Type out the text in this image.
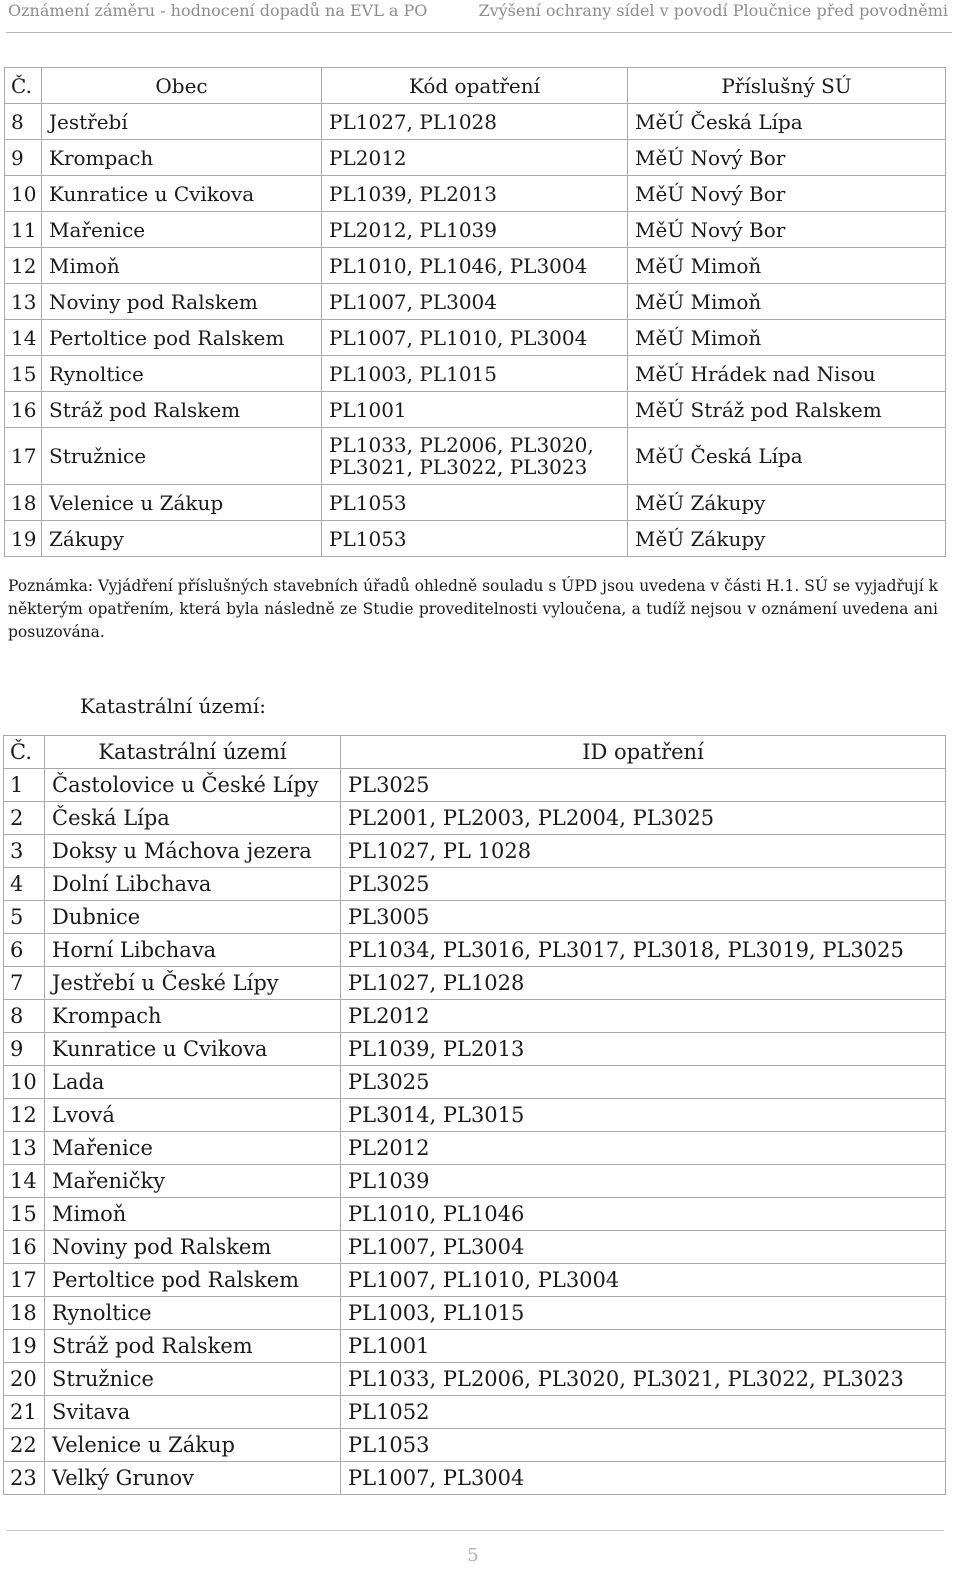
Oznámení záměru - hodnocení dopadů na EVL a PO	Zvýšení ochrany sídel v povodí Ploučnice před povodněmi
Č.	Obec	Kód opatření	Příslušný SÚ
8	Jestřebí	PL1027, PL1028	MěÚ Česká Lípa
9	Krompach	PL2012	MěÚ Nový Bor
10	Kunratice u Cvikova	PL1039, PL2013	MěÚ Nový Bor
11	Mařenice	PL2012, PL1039	MěÚ Nový Bor
12	Mimoň	PL1010, PL1046, PL3004	MěÚ Mimoň
13	Noviny pod Ralskem	PL1007, PL3004	MěÚ Mimoň
14	Pertoltice pod Ralskem	PL1007, PL1010, PL3004	MěÚ Mimoň
15	Rynoltice	PL1003, PL1015	MěÚ Hrádek nad Nisou
16	Stráž pod Ralskem	PL1001	MěÚ Stráž pod Ralskem
17	Stružnice	PL1033, PL2006, PL3020,
PL3021, PL3022, PL3023	MěÚ Česká Lípa
18	Velenice u Zákup	PL1053	MěÚ Zákupy
19	Zákupy	PL1053	MěÚ Zákupy
Poznámka: Vyjádření příslušných stavebních úřadů ohledně souladu s ÚPD jsou uvedena v části H.1. SÚ se vyjadřují k některým opatřením, která byla následně ze Studie proveditelnosti vyloučena, a tudíž nejsou v oznámení uvedena ani posuzována.
Katastrální území:
Č.	Katastrální území	ID opatření
1	Častolovice u České Lípy	PL3025
2	Česká Lípa	PL2001, PL2003, PL2004, PL3025
3	Doksy u Máchova jezera	PL1027, PL 1028
4	Dolní Libchava	PL3025
5	Dubnice	PL3005
6	Horní Libchava	PL1034, PL3016, PL3017, PL3018, PL3019, PL3025
7	Jestřebí u České Lípy	PL1027, PL1028
8	Krompach	PL2012
9	Kunratice u Cvikova	PL1039, PL2013
10	Lada	PL3025
12	Lvová	PL3014, PL3015
13	Mařenice	PL2012
14	Mařeničky	PL1039
15	Mimoň	PL1010, PL1046
16	Noviny pod Ralskem	PL1007, PL3004
17	Pertoltice pod Ralskem	PL1007, PL1010, PL3004
18	Rynoltice	PL1003, PL1015
19	Stráž pod Ralskem	PL1001
20	Stružnice	PL1033, PL2006, PL3020, PL3021, PL3022, PL3023
21	Svitava	PL1052
22	Velenice u Zákup	PL1053
23	Velký Grunov	PL1007, PL3004
5
